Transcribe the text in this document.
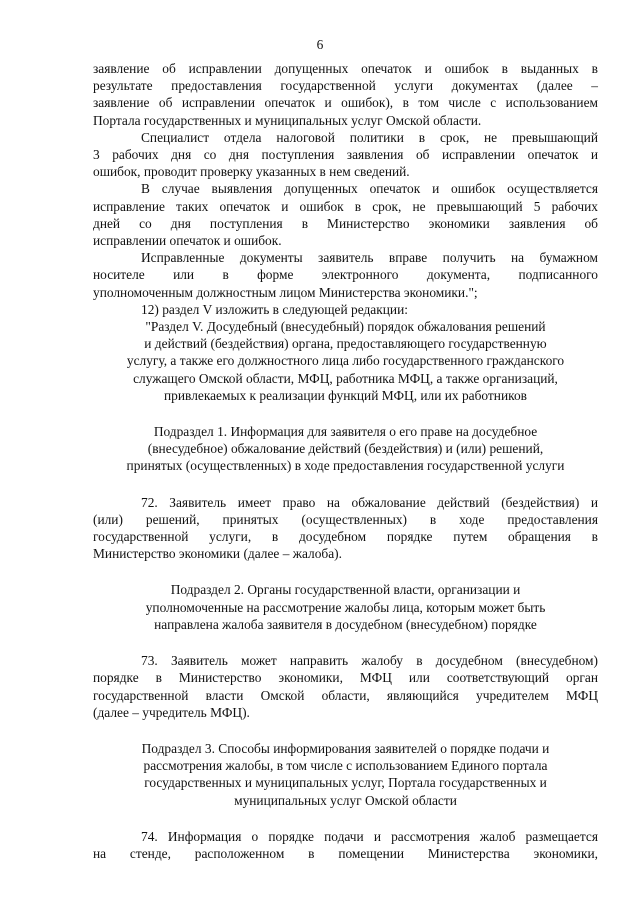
6
заявление об исправлении допущенных опечаток и ошибок в выданных в
результате предоставления государственной услуги документах (далее –
заявление об исправлении опечаток и ошибок), в том числе с использованием
Портала государственных и муниципальных услуг Омской области.
Специалист отдела налоговой политики в срок, не превышающий
3 рабочих дня со дня поступления заявления об исправлении опечаток и
ошибок, проводит проверку указанных в нем сведений.
В случае выявления допущенных опечаток и ошибок осуществляется
исправление таких опечаток и ошибок в срок, не превышающий 5 рабочих
дней со дня поступления в Министерство экономики заявления об
исправлении опечаток и ошибок.
Исправленные документы заявитель вправе получить на бумажном
носителе или в форме электронного документа, подписанного
уполномоченным должностным лицом Министерства экономики.";
12) раздел V изложить в следующей редакции:
"Раздел V. Досудебный (внесудебный) порядок обжалования решений
и действий (бездействия) органа, предоставляющего государственную
услугу, а также его должностного лица либо государственного гражданского
служащего Омской области, МФЦ, работника МФЦ, а также организаций,
привлекаемых к реализации функций МФЦ, или их работников
Подраздел 1. Информация для заявителя о его праве на досудебное
(внесудебное) обжалование действий (бездействия) и (или) решений,
принятых (осуществленных) в ходе предоставления государственной услуги
72. Заявитель имеет право на обжалование действий (бездействия) и
(или) решений, принятых (осуществленных) в ходе предоставления
государственной услуги, в досудебном порядке путем обращения в
Министерство экономики (далее – жалоба).
Подраздел 2. Органы государственной власти, организации и
уполномоченные на рассмотрение жалобы лица, которым может быть
направлена жалоба заявителя в досудебном (внесудебном) порядке
73. Заявитель может направить жалобу в досудебном (внесудебном)
порядке в Министерство экономики, МФЦ или соответствующий орган
государственной власти Омской области, являющийся учредителем МФЦ
(далее – учредитель МФЦ).
Подраздел 3. Способы информирования заявителей о порядке подачи и
рассмотрения жалобы, в том числе с использованием Единого портала
государственных и муниципальных услуг, Портала государственных и
муниципальных услуг Омской области
74. Информация о порядке подачи и рассмотрения жалоб размещается
на стенде, расположенном в помещении Министерства экономики,
